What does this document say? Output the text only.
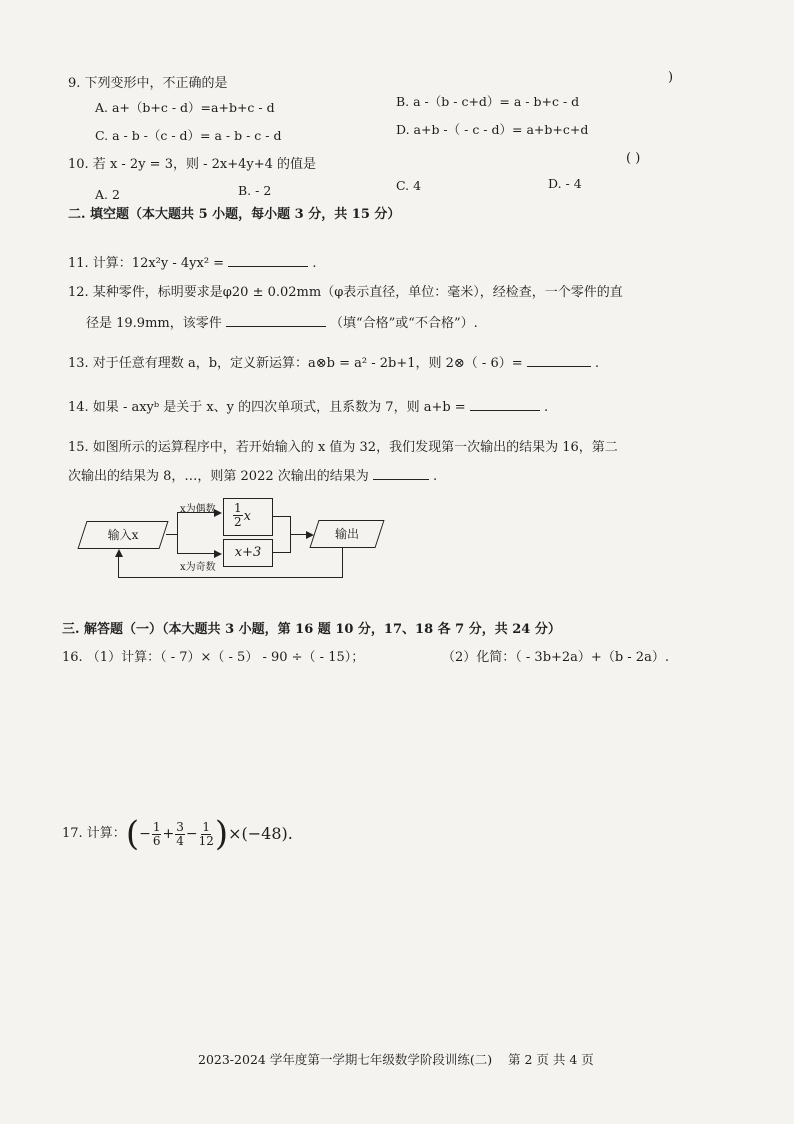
9. 下列变形中，不正确的是	)
A. a+（b+c - d）=a+b+c - d	B. a -（b - c+d）= a - b+c - d
C. a - b -（c - d）= a - b - c - d	D. a+b -（ - c - d）= a+b+c+d
10. 若 x - 2y = 3，则 - 2x+4y+4 的值是	( )
A. 2	B. - 2	C. 4	D. - 4
二. 填空题（本大题共 5 小题，每小题 3 分，共 15 分）
11. 计算：12x²y - 4yx² =	.
12. 某种零件，标明要求是φ20 ± 0.02mm（φ表示直径，单位：毫米），经检查，一个零件的直
径是 19.9mm，该零件	（填“合格”或“不合格”）.
13. 对于任意有理数 a，b，定义新运算：a⊗b = a² - 2b+1，则 2⊗（ - 6）=	.
14. 如果 - axyᵇ 是关于 x、y 的四次单项式，且系数为 7，则 a+b =	.
15. 如图所示的运算程序中，若开始输入的 x 值为 32，我们发现第一次输出的结果为 16，第二
次输出的结果为 8，…，则第 2022 次输出的结果为	.
输入x
x为偶数
x为奇数
$\frac{1}{2}$ x
x+3
输出
三. 解答题（一）（本大题共 3 小题，第 16 题 10 分，17、18 各 7 分，共 24 分）
16. （1）计算：（ - 7）×（ - 5） - 90 ÷（ - 15）；	（2）化简：（ - 3b+2a）+（b - 2a）.
17. 计算：(− $\frac{1}{6} + \frac{3}{4} - \frac{1}{12} )\times(-48)$.
2023-2024 学年度第一学期七年级数学阶段训练(二)    第 2 页 共 4 页
